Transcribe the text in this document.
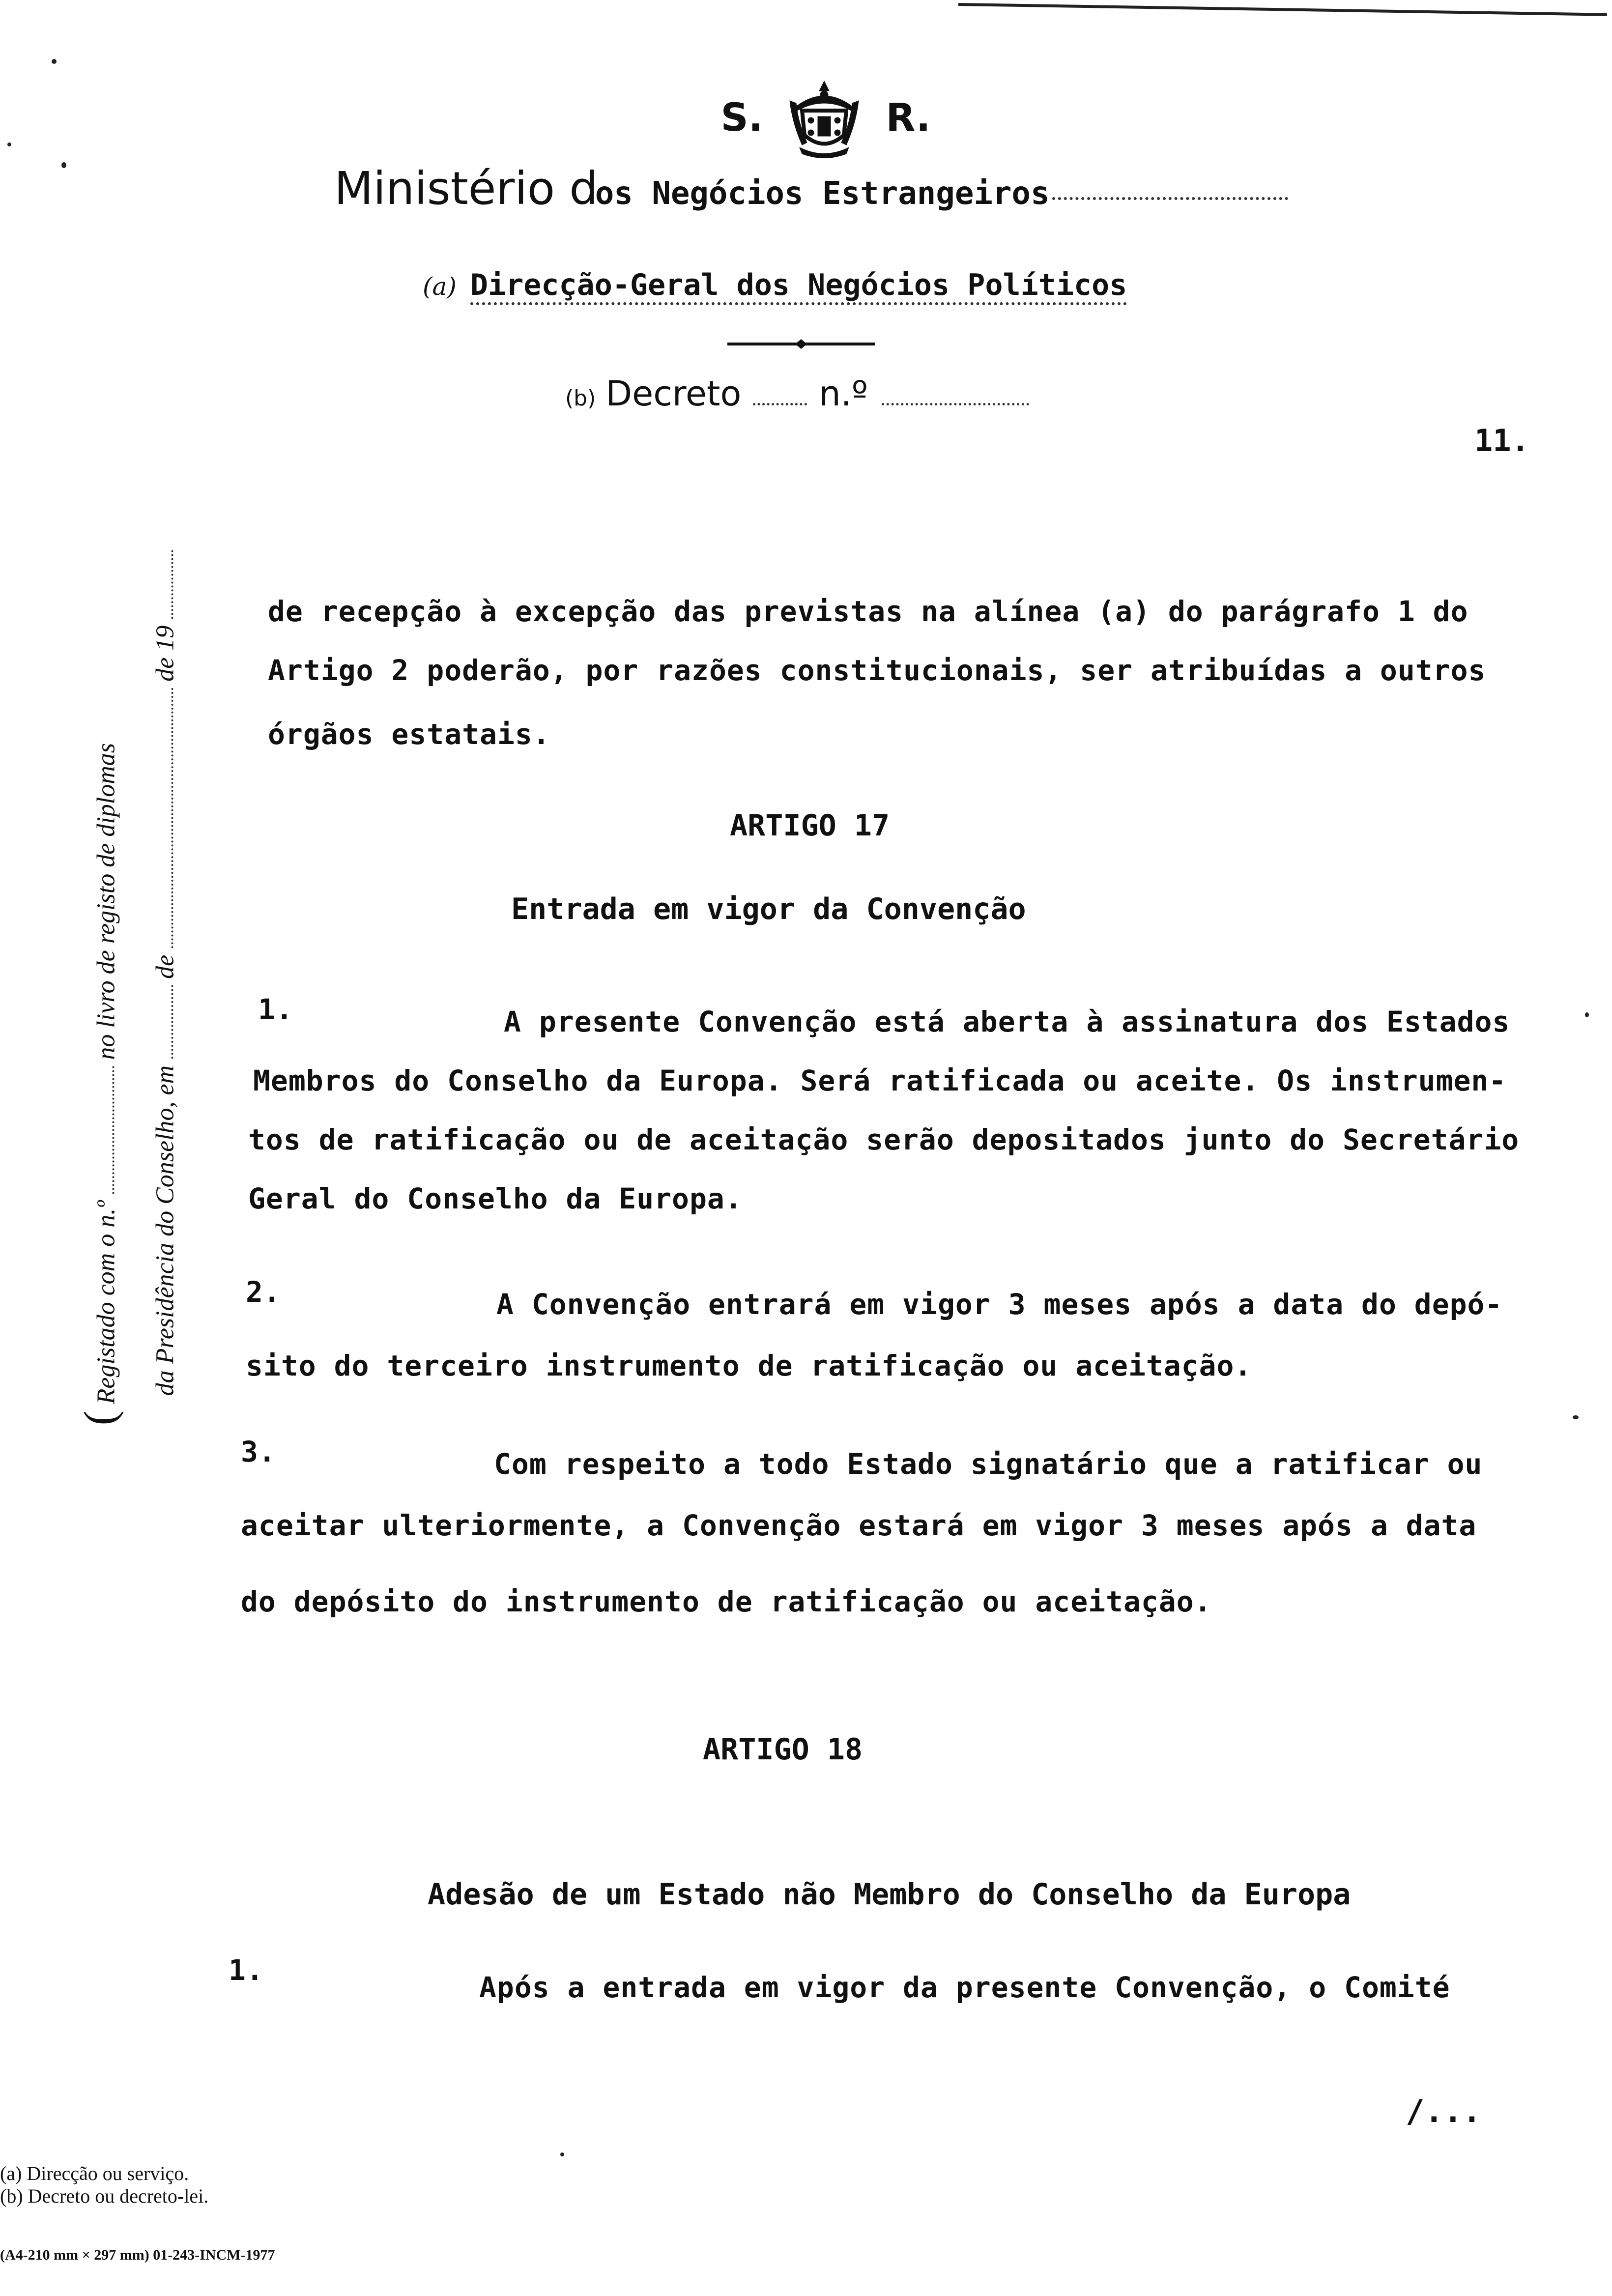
S.	R.
Ministério d
os Negócios Estrangeiros
(a) Direcção-Geral dos Negócios Políticos
(b) Decreto n.º
11.
( Registado com o n.º  no livro de registo de diplomas
da Presidência do Conselho, em  de  de 19
de recepção à excepção das previstas na alínea (a) do parágrafo 1 do
Artigo 2 poderão, por razões constitucionais, ser atribuídas a outros
órgãos estatais.
ARTIGO 17
Entrada em vigor da Convenção
1.	A presente Convenção está aberta à assinatura dos Estados
Membros do Conselho da Europa. Será ratificada ou aceite. Os instrumen-
tos de ratificação ou de aceitação serão depositados junto do Secretário
Geral do Conselho da Europa.
2.	A Convenção entrará em vigor 3 meses após a data do depó-
sito do terceiro instrumento de ratificação ou aceitação.
3.	Com respeito a todo Estado signatário que a ratificar ou
aceitar ulteriormente, a Convenção estará em vigor 3 meses após a data
do depósito do instrumento de ratificação ou aceitação.
ARTIGO 18
Adesão de um Estado não Membro do Conselho da Europa
1.
Após a entrada em vigor da presente Convenção, o Comité
/...
(a) Direcção ou serviço.
(b) Decreto ou decreto-lei.
(A4-210 mm × 297 mm) 01-243-INCM-1977
